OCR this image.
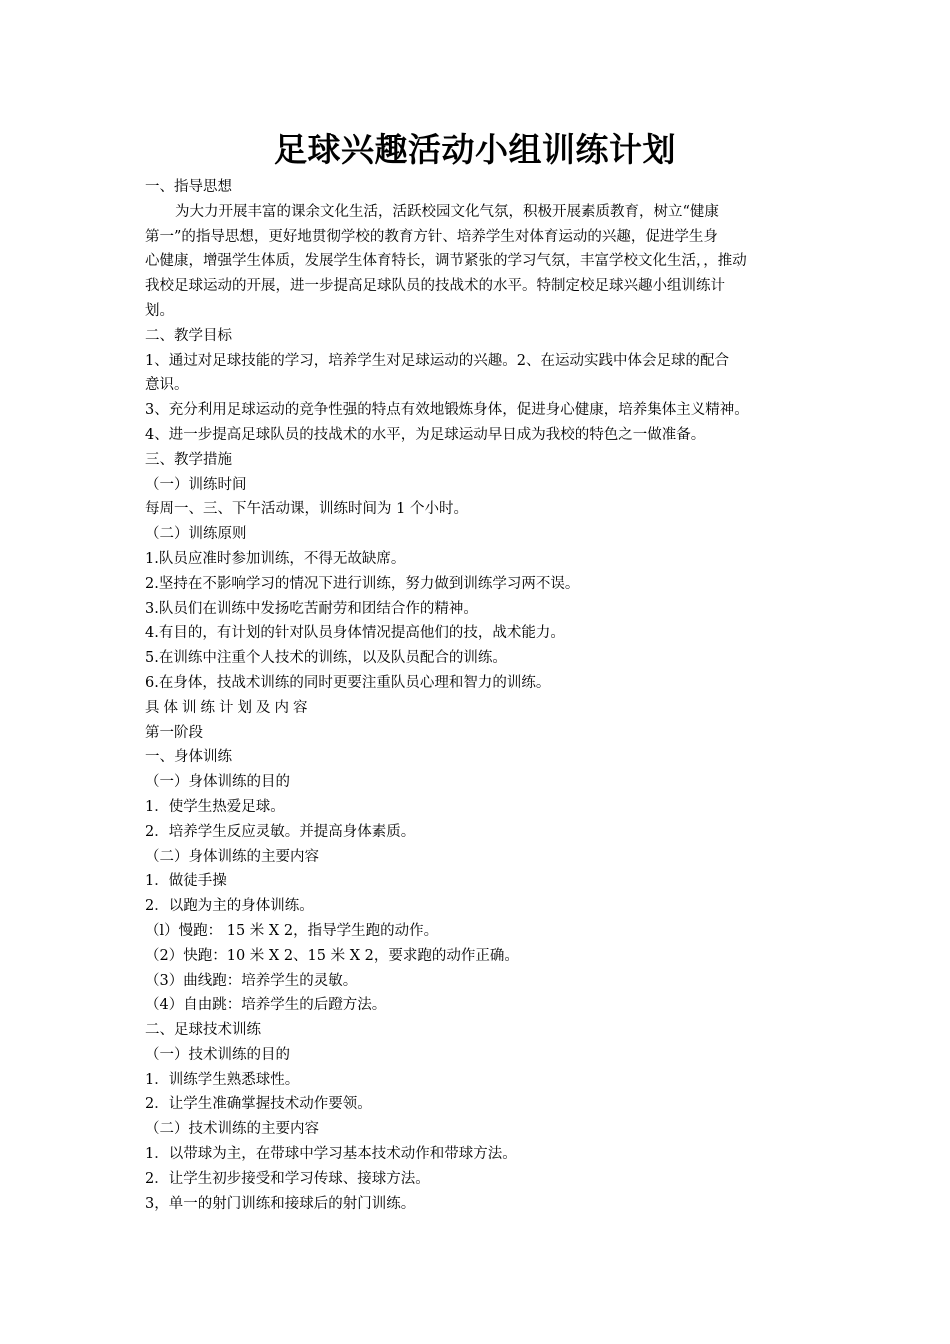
足球兴趣活动小组训练计划
一、指导思想
为大力开展丰富的课余文化生活，活跃校园文化气氛，积极开展素质教育，树立“健康
第一”的指导思想，更好地贯彻学校的教育方针、培养学生对体育运动的兴趣，促进学生身
心健康，增强学生体质，发展学生体育特长，调节紧张的学习气氛，丰富学校文化生活，，推动
我校足球运动的开展，进一步提高足球队员的技战术的水平。特制定校足球兴趣小组训练计
划。
二、教学目标
1、通过对足球技能的学习，培养学生对足球运动的兴趣。2、在运动实践中体会足球的配合
意识。
3、充分利用足球运动的竞争性强的特点有效地锻炼身体，促进身心健康，培养集体主义精神。
4、进一步提高足球队员的技战术的水平，为足球运动早日成为我校的特色之一做准备。
三、教学措施
（一）训练时间
每周一、三、下午活动课，训练时间为 1 个小时。
（二）训练原则
1.队员应准时参加训练，不得无故缺席。
2.坚持在不影响学习的情况下进行训练，努力做到训练学习两不误。
3.队员们在训练中发扬吃苦耐劳和团结合作的精神。
4.有目的，有计划的针对队员身体情况提高他们的技，战术能力。
5.在训练中注重个人技术的训练，以及队员配合的训练。
6.在身体，技战术训练的同时更要注重队员心理和智力的训练。
具体训练计划及内容
第一阶段
一、身体训练
（一）身体训练的目的
1．使学生热爱足球。
2．培养学生反应灵敏。并提高身体素质。
（二）身体训练的主要内容
1．做徒手操
2．以跑为主的身体训练。
（l）慢跑： 15 米 X 2，指导学生跑的动作。
（2）快跑：10 米 X 2、15 米 X 2，要求跑的动作正确。
（3）曲线跑：培养学生的灵敏。
（4）自由跳：培养学生的后蹬方法。
二、足球技术训练
（一）技术训练的目的
1．训练学生熟悉球性。
2．让学生准确掌握技术动作要领。
（二）技术训练的主要内容
1．以带球为主，在带球中学习基本技术动作和带球方法。
2．让学生初步接受和学习传球、接球方法。
3，单一的射门训练和接球后的射门训练。
